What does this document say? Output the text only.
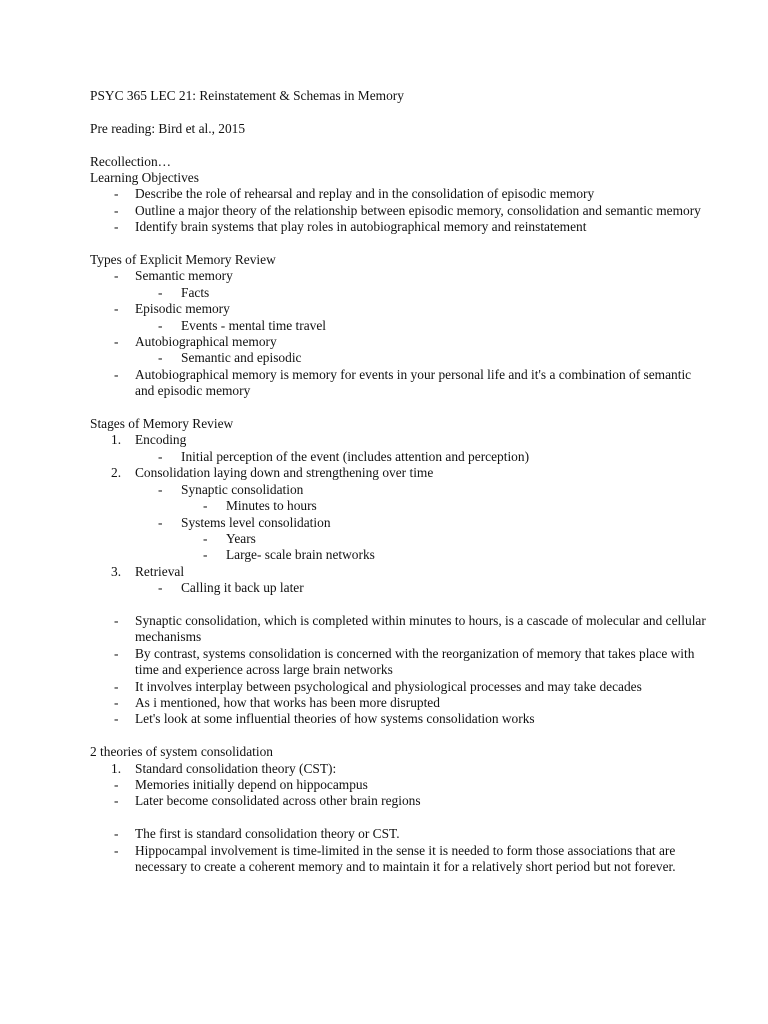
PSYC 365 LEC 21: Reinstatement & Schemas in Memory

Pre reading: Bird et al., 2015

Recollection…

Learning Objectives

-	Describe the role of rehearsal and replay and in the consolidation of episodic memory
-	Outline a major theory of the relationship between episodic memory, consolidation and semantic memory
-	Identify brain systems that play roles in autobiographical memory and reinstatement

Types of Explicit Memory Review

-	Semantic memory
-	Facts
-	Episodic memory
-	Events - mental time travel
-	Autobiographical memory
-	Semantic and episodic
-	Autobiographical memory is memory for events in your personal life and it's a combination of semantic and episodic memory

Stages of Memory Review

1.	Encoding
-	Initial perception of the event (includes attention and perception)
2.	Consolidation laying down and strengthening over time
-	Synaptic consolidation
-	Minutes to hours
-	Systems level consolidation
-	Years
-	Large- scale brain networks
3.	Retrieval
-	Calling it back up later
-	Synaptic consolidation, which is completed within minutes to hours, is a cascade of molecular and cellular mechanisms
-	By contrast, systems consolidation is concerned with the reorganization of memory that takes place with time and experience across large brain networks
-	It involves interplay between psychological and physiological processes and may take decades
-	As i mentioned, how that works has been more disrupted
-	Let's look at some influential theories of how systems consolidation works

2 theories of system consolidation

1.	Standard consolidation theory (CST):
-	Memories initially depend on hippocampus
-	Later become consolidated across other brain regions
-	The first is standard consolidation theory or CST.
-	Hippocampal involvement is time-limited in the sense it is needed to form those associations that are necessary to create a coherent memory and to maintain it for a relatively short period but not forever.
